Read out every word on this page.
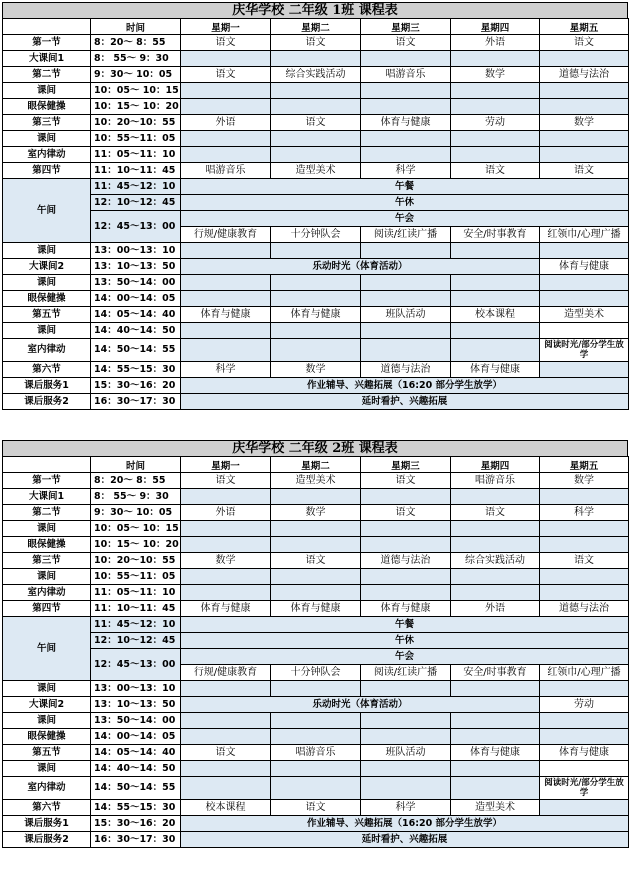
庆华学校 二年级 1班 课程表
	时间	星期一	星期二	星期三	星期四	星期五
第一节	8：20～ 8：55	语文	语文	语文	外语	语文
大课间1	8： 55～ 9：30					
第二节	9：30～ 10：05	语文	综合实践活动	唱游音乐	数学	道德与法治
课间	10：05～ 10：15					
眼保健操	10：15～ 10：20					
第三节	10：20～10：55	外语	语文	体育与健康	劳动	数学
课间	10：55～11：05					
室内律动	11：05～11：10					
第四节	11：10～11：45	唱游音乐	造型美术	科学	语文	语文
午间	11：45～12：10	午餐				
	12：10～12：45	午休				
	12：45～13：00	午会				
		行规/健康教育	十分钟队会	阅读/红读广播	安全/时事教育	红领巾/心理广播
课间	13：00～13：10					
大课间2	13：10～13：50	乐动时光（体育活动）				体育与健康
课间	13：50～14：00					
眼保健操	14：00～14：05					
第五节	14：05～14：40	体育与健康	体育与健康	班队活动	校本课程	造型美术
课间	14：40～14：50					
室内律动	14：50～14：55					阅读时光/部分学生放学
第六节	14：55～15：30	科学	数学	道德与法治	体育与健康	
课后服务1	15：30～16：20	作业辅导、兴趣拓展（16:20 部分学生放学）				
课后服务2	16：30～17：30	延时看护、兴趣拓展				
庆华学校 二年级 2班 课程表
	时间	星期一	星期二	星期三	星期四	星期五
第一节	8：20～ 8：55	语文	造型美术	语文	唱游音乐	数学
大课间1	8： 55～ 9：30					
第二节	9：30～ 10：05	外语	数学	语文	语文	科学
课间	10：05～ 10：15					
眼保健操	10：15～ 10：20					
第三节	10：20～10：55	数学	语文	道德与法治	综合实践活动	语文
课间	10：55～11：05					
室内律动	11：05～11：10					
第四节	11：10～11：45	体育与健康	体育与健康	体育与健康	外语	道德与法治
午间	11：45～12：10	午餐				
	12：10～12：45	午休				
	12：45～13：00	午会				
		行规/健康教育	十分钟队会	阅读/红读广播	安全/时事教育	红领巾/心理广播
课间	13：00～13：10					
大课间2	13：10～13：50	乐动时光（体育活动）				劳动
课间	13：50～14：00					
眼保健操	14：00～14：05					
第五节	14：05～14：40	语文	唱游音乐	班队活动	体育与健康	体育与健康
课间	14：40～14：50					
室内律动	14：50～14：55					阅读时光/部分学生放学
第六节	14：55～15：30	校本课程	语文	科学	造型美术	
课后服务1	15：30～16：20	作业辅导、兴趣拓展（16:20 部分学生放学）				
课后服务2	16：30～17：30	延时看护、兴趣拓展				
